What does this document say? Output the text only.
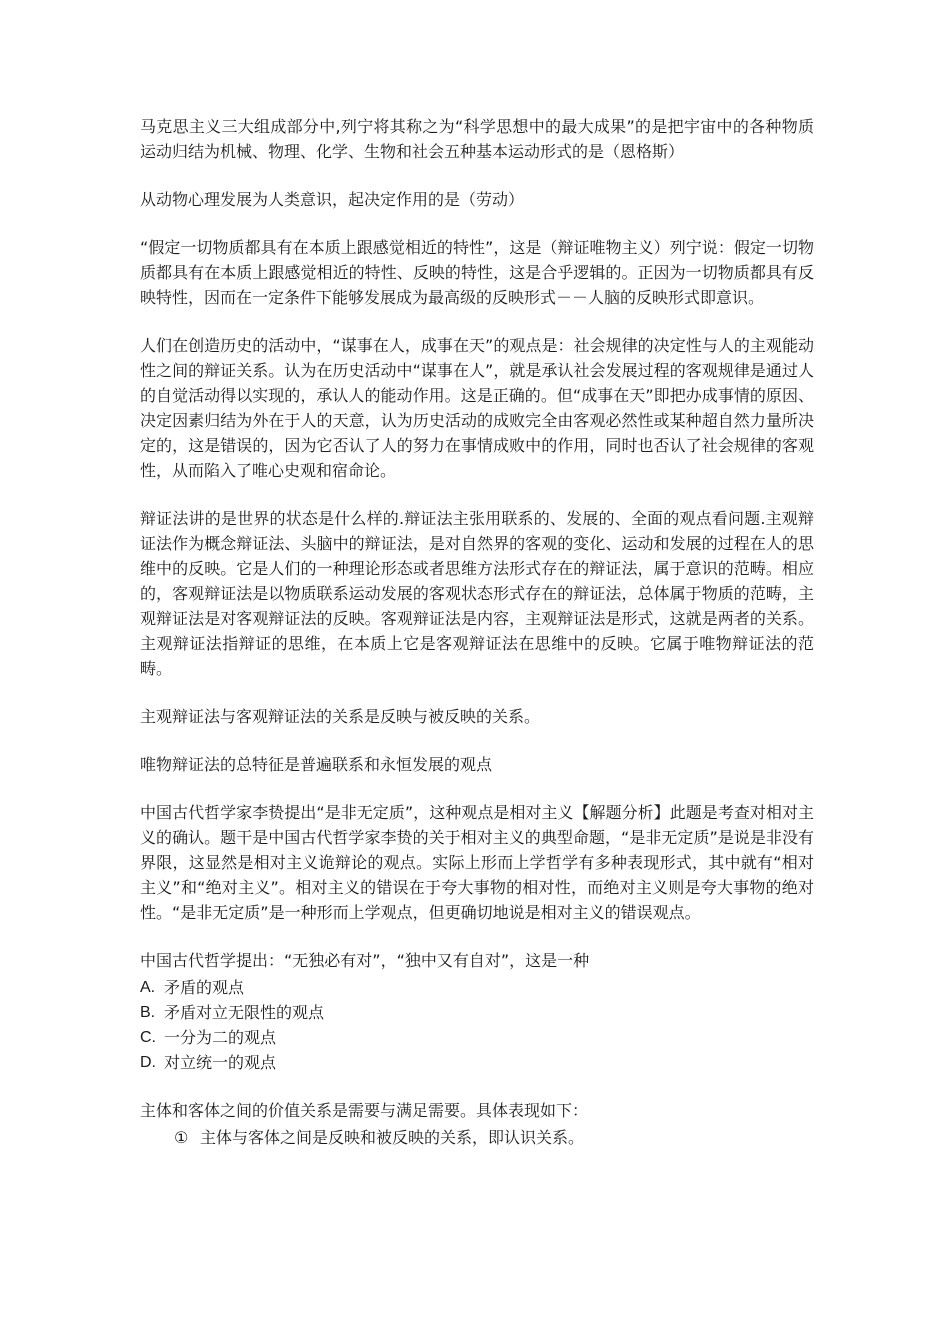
马克思主义三大组成部分中,列宁将其称之为“科学思想中的最大成果”的是把宇宙中的各种物质运动归结为机械、物理、化学、生物和社会五种基本运动形式的是（恩格斯）

从动物心理发展为人类意识，起决定作用的是（劳动）

“假定一切物质都具有在本质上跟感觉相近的特性”，这是（辩证唯物主义）列宁说：假定一切物质都具有在本质上跟感觉相近的特性、反映的特性，这是合乎逻辑的。正因为一切物质都具有反映特性，因而在一定条件下能够发展成为最高级的反映形式－－人脑的反映形式即意识。

人们在创造历史的活动中，“谋事在人，成事在天”的观点是：社会规律的决定性与人的主观能动性之间的辩证关系。认为在历史活动中“谋事在人”，就是承认社会发展过程的客观规律是通过人的自觉活动得以实现的，承认人的能动作用。这是正确的。但“成事在天”即把办成事情的原因、决定因素归结为外在于人的天意，认为历史活动的成败完全由客观必然性或某种超自然力量所决定的，这是错误的，因为它否认了人的努力在事情成败中的作用，同时也否认了社会规律的客观性，从而陷入了唯心史观和宿命论。

辩证法讲的是世界的状态是什么样的.辩证法主张用联系的、发展的、全面的观点看问题.主观辩证法作为概念辩证法、头脑中的辩证法，是对自然界的客观的变化、运动和发展的过程在人的思维中的反映。它是人们的一种理论形态或者思维方法形式存在的辩证法，属于意识的范畴。相应的，客观辩证法是以物质联系运动发展的客观状态形式存在的辩证法，总体属于物质的范畴，主观辩证法是对客观辩证法的反映。客观辩证法是内容，主观辩证法是形式，这就是两者的关系。主观辩证法指辩证的思维，在本质上它是客观辩证法在思维中的反映。它属于唯物辩证法的范畴。

主观辩证法与客观辩证法的关系是反映与被反映的关系。

唯物辩证法的总特征是普遍联系和永恒发展的观点

中国古代哲学家李贽提出“是非无定质”，这种观点是相对主义【解题分析】此题是考查对相对主义的确认。题干是中国古代哲学家李贽的关于相对主义的典型命题，“是非无定质”是说是非没有界限，这显然是相对主义诡辩论的观点。实际上形而上学哲学有多种表现形式，其中就有“相对主义”和“绝对主义”。相对主义的错误在于夸大事物的相对性，而绝对主义则是夸大事物的绝对性。“是非无定质”是一种形而上学观点，但更确切地说是相对主义的错误观点。

中国古代哲学提出：“无独必有对”，“独中又有自对”，这是一种

A. 矛盾的观点
B. 矛盾对立无限性的观点
C. 一分为二的观点
D. 对立统一的观点

主体和客体之间的价值关系是需要与满足需要。具体表现如下：

① 主体与客体之间是反映和被反映的关系，即认识关系。
